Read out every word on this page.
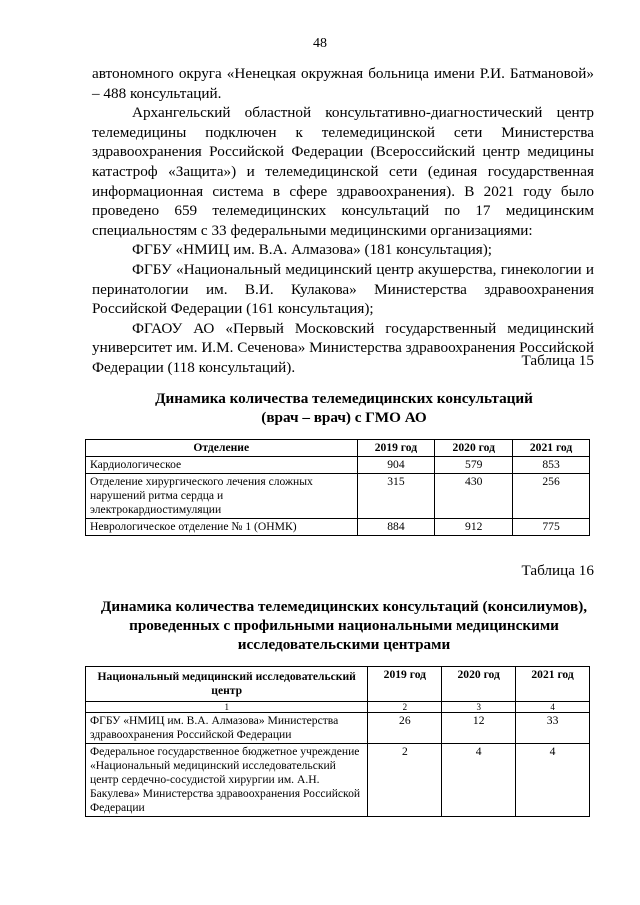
48

автономного округа «Ненецкая окружная больница имени Р.И. Батмановой» – 488 консультаций.

Архангельский областной консультативно-диагностический центр телемедицины подключен к телемедицинской сети Министерства здравоохранения Российской Федерации (Всероссийский центр медицины катастроф «Защита») и телемедицинской сети (единая государственная информационная система в сфере здравоохранения). В 2021 году было проведено 659 телемедицинских консультаций по 17 медицинским специальностям с 33 федеральными медицинскими организациями:

ФГБУ «НМИЦ им. В.А. Алмазова» (181 консультация);

ФГБУ «Национальный медицинский центр акушерства, гинекологии и перинатологии им. В.И. Кулакова» Министерства здравоохранения Российской Федерации (161 консультация);

ФГАОУ АО «Первый Московский государственный медицинский университет им. И.М. Сеченова» Министерства здравоохранения Российской Федерации (118 консультаций).	Таблица 15
Динамика количества телемедицинских консультаций
(врач – врач) с ГМО АО
Отделение	2019 год	2020 год	2021 год
Кардиологическое	904	579	853
Отделение хирургического лечения сложных нарушений ритма сердца и электрокардиостимуляции	315	430	256
Неврологическое отделение № 1 (ОНМК)	884	912	775
Таблица 16
Динамика количества телемедицинских консультаций (консилиумов),
проведенных с профильными национальными медицинскими
исследовательскими центрами
Национальный медицинский исследовательский центр	2019 год	2020 год	2021 год
1	2	3	4
ФГБУ «НМИЦ им. В.А. Алмазова» Министерства здравоохранения Российской Федерации	26	12	33
Федеральное государственное бюджетное учреждение «Национальный медицинский исследовательский центр сердечно-сосудистой хирургии им. А.Н. Бакулева» Министерства здравоохранения Российской Федерации	2	4	4
